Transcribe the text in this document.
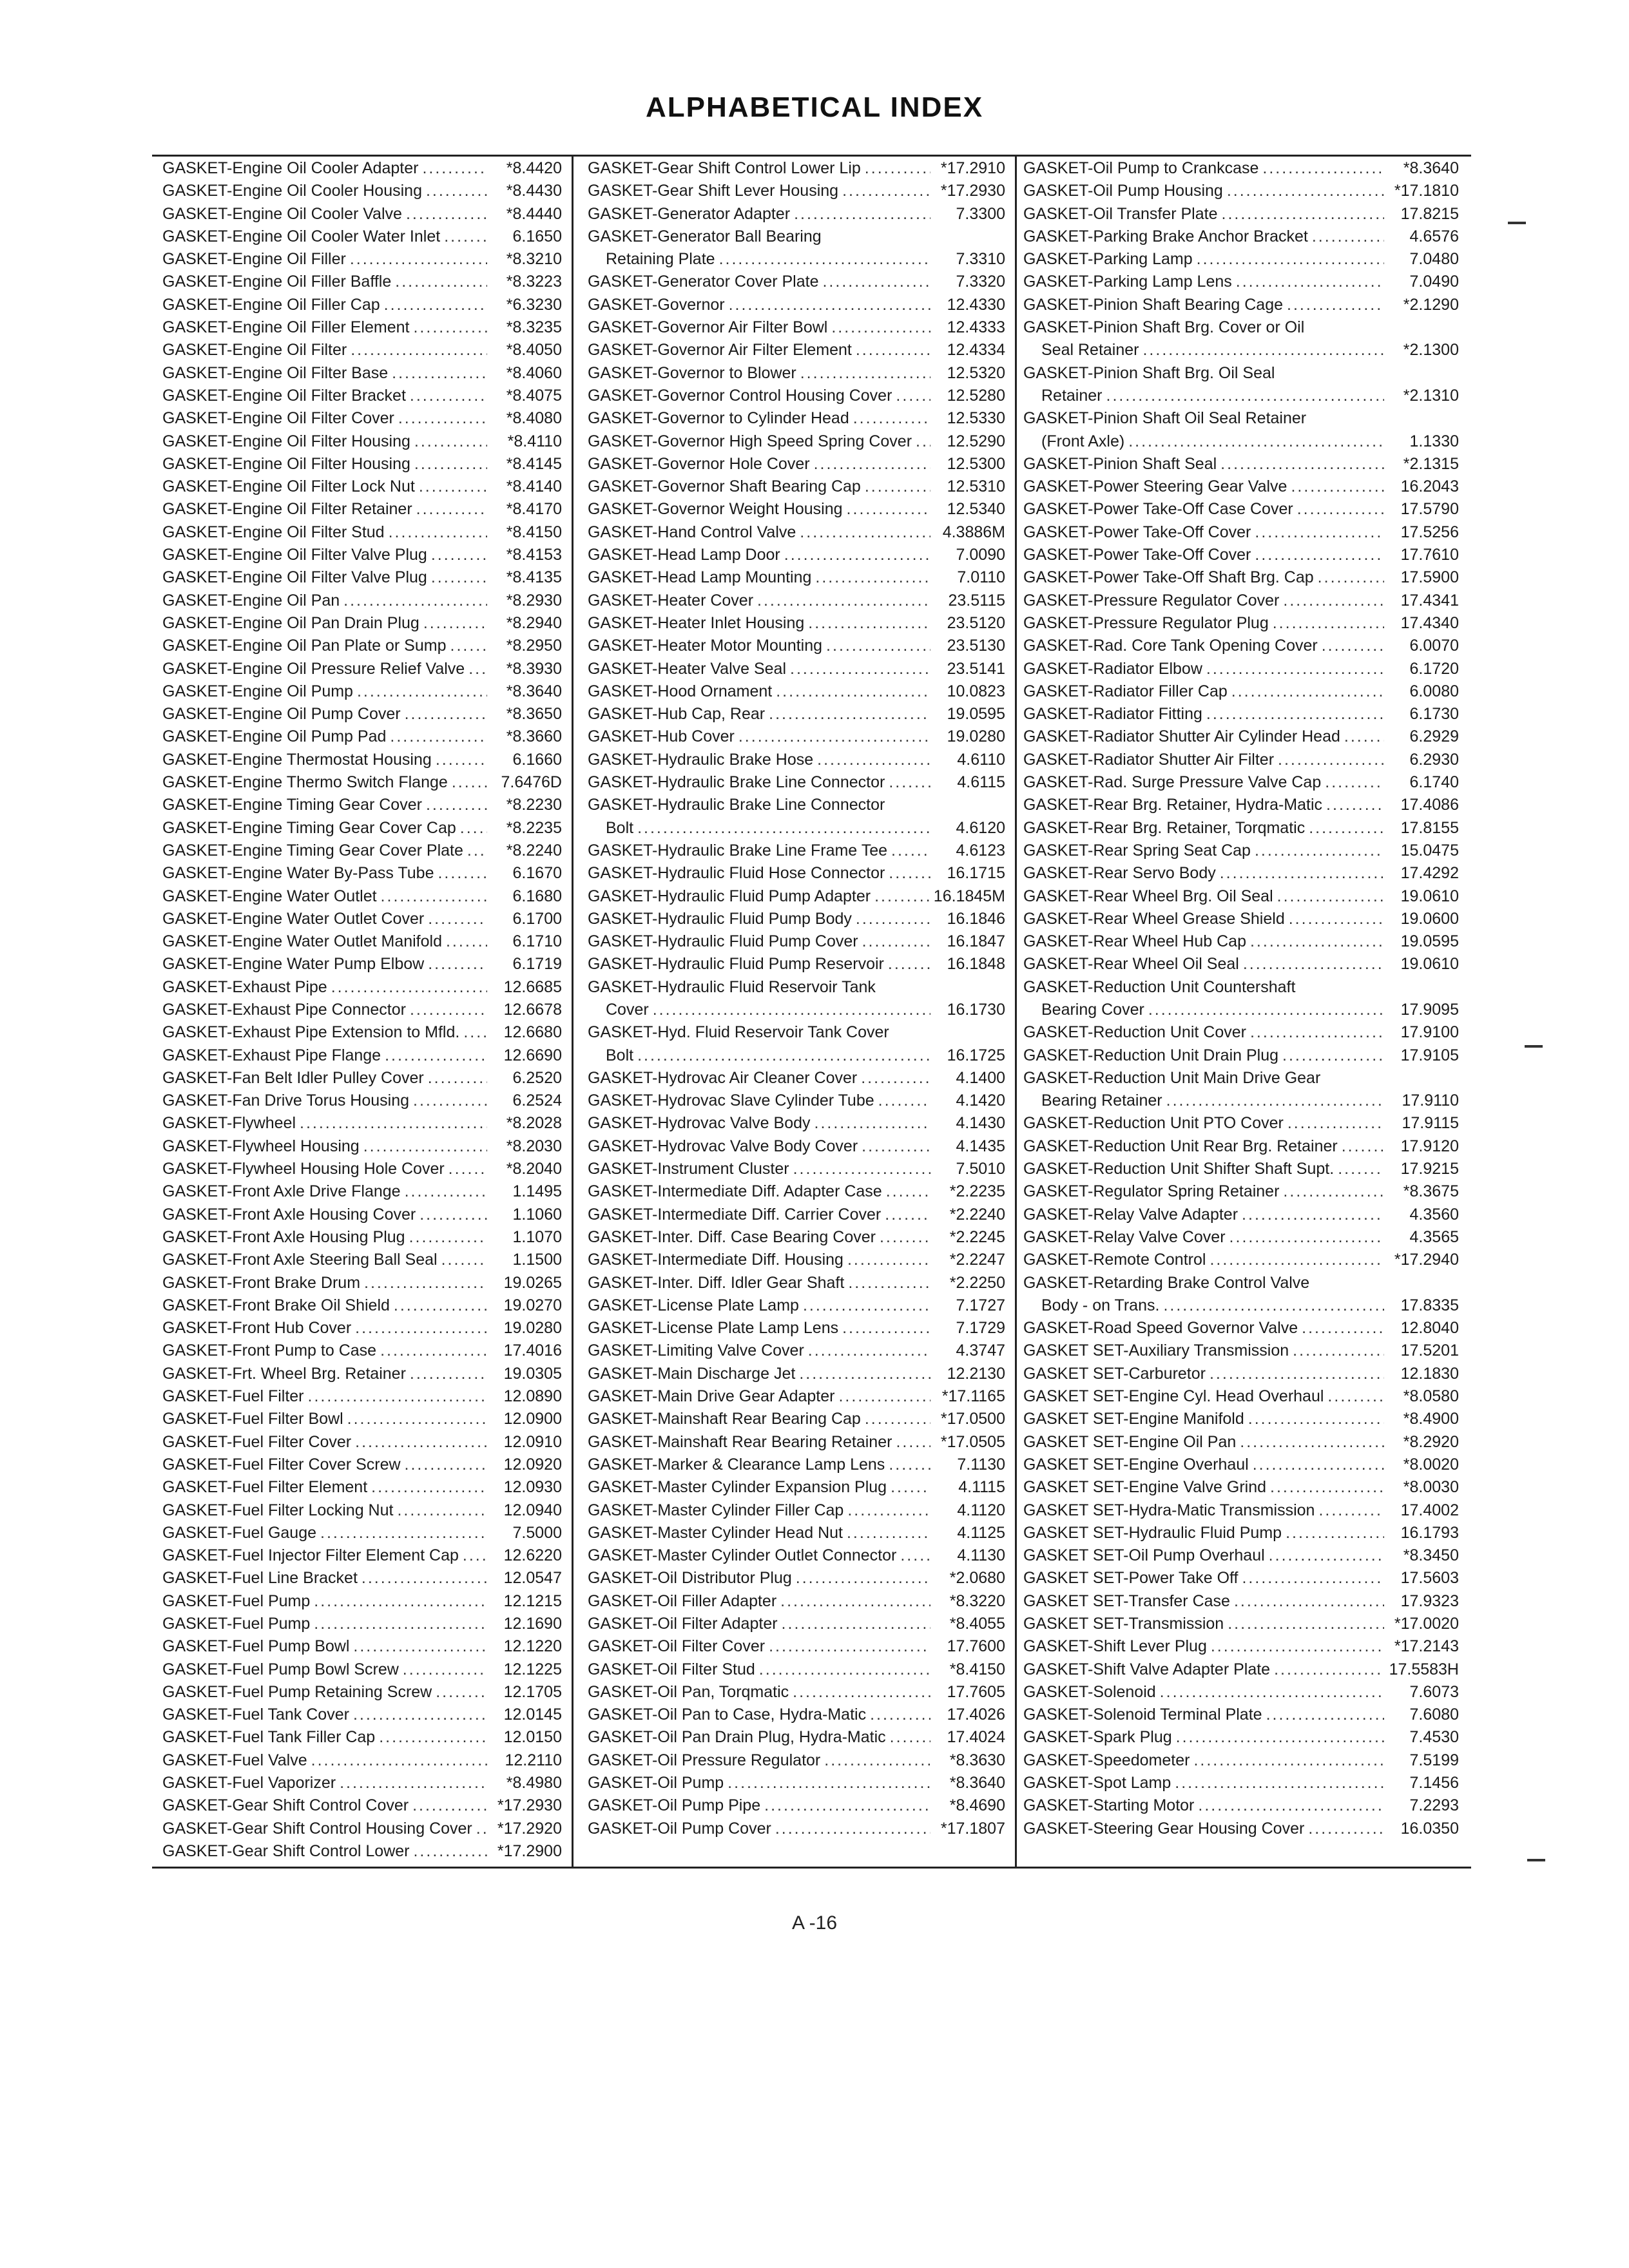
ALPHABETICAL INDEX
GASKET-Engine Oil Cooler Adapter .....	*8.4420
GASKET-Engine Oil Cooler Housing .....	*8.4430
GASKET-Engine Oil Cooler Valve .....	*8.4440
GASKET-Engine Oil Cooler Water Inlet .....	6.1650
GASKET-Engine Oil Filler .....	*8.3210
GASKET-Engine Oil Filler Baffle .....	*8.3223
GASKET-Engine Oil Filler Cap .....	*6.3230
GASKET-Engine Oil Filler Element .....	*8.3235
GASKET-Engine Oil Filter .....	*8.4050
GASKET-Engine Oil Filter Base .....	*8.4060
GASKET-Engine Oil Filter Bracket .....	*8.4075
GASKET-Engine Oil Filter Cover .....	*8.4080
GASKET-Engine Oil Filter Housing .....	*8.4110
GASKET-Engine Oil Filter Housing .....	*8.4145
GASKET-Engine Oil Filter Lock Nut .....	*8.4140
GASKET-Engine Oil Filter Retainer .....	*8.4170
GASKET-Engine Oil Filter Stud .....	*8.4150
GASKET-Engine Oil Filter Valve Plug .....	*8.4153
GASKET-Engine Oil Filter Valve Plug .....	*8.4135
GASKET-Engine Oil Pan .....	*8.2930
GASKET-Engine Oil Pan Drain Plug .....	*8.2940
GASKET-Engine Oil Pan Plate or Sump .....	*8.2950
GASKET-Engine Oil Pressure Relief Valve .....	*8.3930
GASKET-Engine Oil Pump .....	*8.3640
GASKET-Engine Oil Pump Cover .....	*8.3650
GASKET-Engine Oil Pump Pad .....	*8.3660
GASKET-Engine Thermostat Housing .....	6.1660
GASKET-Engine Thermo Switch Flange .....	7.6476D
GASKET-Engine Timing Gear Cover .....	*8.2230
GASKET-Engine Timing Gear Cover Cap .....	*8.2235
GASKET-Engine Timing Gear Cover Plate .....	*8.2240
GASKET-Engine Water By-Pass Tube .....	6.1670
GASKET-Engine Water Outlet .....	6.1680
GASKET-Engine Water Outlet Cover .....	6.1700
GASKET-Engine Water Outlet Manifold .....	6.1710
GASKET-Engine Water Pump Elbow .....	6.1719
GASKET-Exhaust Pipe .....	12.6685
GASKET-Exhaust Pipe Connector .....	12.6678
GASKET-Exhaust Pipe Extension to Mfld. .....	12.6680
GASKET-Exhaust Pipe Flange .....	12.6690
GASKET-Fan Belt Idler Pulley Cover .....	6.2520
GASKET-Fan Drive Torus Housing .....	6.2524
GASKET-Flywheel .....	*8.2028
GASKET-Flywheel Housing .....	*8.2030
GASKET-Flywheel Housing Hole Cover .....	*8.2040
GASKET-Front Axle Drive Flange .....	1.1495
GASKET-Front Axle Housing Cover .....	1.1060
GASKET-Front Axle Housing Plug .....	1.1070
GASKET-Front Axle Steering Ball Seal .....	1.1500
GASKET-Front Brake Drum .....	19.0265
GASKET-Front Brake Oil Shield .....	19.0270
GASKET-Front Hub Cover .....	19.0280
GASKET-Front Pump to Case .....	17.4016
GASKET-Frt. Wheel Brg. Retainer .....	19.0305
GASKET-Fuel Filter .....	12.0890
GASKET-Fuel Filter Bowl .....	12.0900
GASKET-Fuel Filter Cover .....	12.0910
GASKET-Fuel Filter Cover Screw .....	12.0920
GASKET-Fuel Filter Element .....	12.0930
GASKET-Fuel Filter Locking Nut .....	12.0940
GASKET-Fuel Gauge .....	7.5000
GASKET-Fuel Injector Filter Element Cap .....	12.6220
GASKET-Fuel Line Bracket .....	12.0547
GASKET-Fuel Pump .....	12.1215
GASKET-Fuel Pump .....	12.1690
GASKET-Fuel Pump Bowl .....	12.1220
GASKET-Fuel Pump Bowl Screw .....	12.1225
GASKET-Fuel Pump Retaining Screw .....	12.1705
GASKET-Fuel Tank Cover .....	12.0145
GASKET-Fuel Tank Filler Cap .....	12.0150
GASKET-Fuel Valve .....	12.2110
GASKET-Fuel Vaporizer .....	*8.4980
GASKET-Gear Shift Control Cover .....	*17.2930
GASKET-Gear Shift Control Housing Cover .....	*17.2920
GASKET-Gear Shift Control Lower .....	*17.2900
GASKET-Gear Shift Control Lower Lip .....	*17.2910
GASKET-Gear Shift Lever Housing .....	*17.2930
GASKET-Generator Adapter .....	7.3300
GASKET-Generator Ball Bearing
Retaining Plate .....	7.3310
GASKET-Generator Cover Plate .....	7.3320
GASKET-Governor .....	12.4330
GASKET-Governor Air Filter Bowl .....	12.4333
GASKET-Governor Air Filter Element .....	12.4334
GASKET-Governor to Blower .....	12.5320
GASKET-Governor Control Housing Cover .....	12.5280
GASKET-Governor to Cylinder Head .....	12.5330
GASKET-Governor High Speed Spring Cover .....	12.5290
GASKET-Governor Hole Cover .....	12.5300
GASKET-Governor Shaft Bearing Cap .....	12.5310
GASKET-Governor Weight Housing .....	12.5340
GASKET-Hand Control Valve .....	4.3886M
GASKET-Head Lamp Door .....	7.0090
GASKET-Head Lamp Mounting .....	7.0110
GASKET-Heater Cover .....	23.5115
GASKET-Heater Inlet Housing .....	23.5120
GASKET-Heater Motor Mounting .....	23.5130
GASKET-Heater Valve Seal .....	23.5141
GASKET-Hood Ornament .....	10.0823
GASKET-Hub Cap, Rear .....	19.0595
GASKET-Hub Cover .....	19.0280
GASKET-Hydraulic Brake Hose .....	4.6110
GASKET-Hydraulic Brake Line Connector .....	4.6115
GASKET-Hydraulic Brake Line Connector
Bolt .....	4.6120
GASKET-Hydraulic Brake Line Frame Tee .....	4.6123
GASKET-Hydraulic Fluid Hose Connector .....	16.1715
GASKET-Hydraulic Fluid Pump Adapter .....	16.1845M
GASKET-Hydraulic Fluid Pump Body .....	16.1846
GASKET-Hydraulic Fluid Pump Cover .....	16.1847
GASKET-Hydraulic Fluid Pump Reservoir .....	16.1848
GASKET-Hydraulic Fluid Reservoir Tank
Cover .....	16.1730
GASKET-Hyd. Fluid Reservoir Tank Cover
Bolt .....	16.1725
GASKET-Hydrovac Air Cleaner Cover .....	4.1400
GASKET-Hydrovac Slave Cylinder Tube .....	4.1420
GASKET-Hydrovac Valve Body .....	4.1430
GASKET-Hydrovac Valve Body Cover .....	4.1435
GASKET-Instrument Cluster .....	7.5010
GASKET-Intermediate Diff. Adapter Case .....	*2.2235
GASKET-Intermediate Diff. Carrier Cover .....	*2.2240
GASKET-Inter. Diff. Case Bearing Cover .....	*2.2245
GASKET-Intermediate Diff. Housing .....	*2.2247
GASKET-Inter. Diff. Idler Gear Shaft .....	*2.2250
GASKET-License Plate Lamp .....	7.1727
GASKET-License Plate Lamp Lens .....	7.1729
GASKET-Limiting Valve Cover .....	4.3747
GASKET-Main Discharge Jet .....	12.2130
GASKET-Main Drive Gear Adapter .....	*17.1165
GASKET-Mainshaft Rear Bearing Cap .....	*17.0500
GASKET-Mainshaft Rear Bearing Retainer .....	*17.0505
GASKET-Marker & Clearance Lamp Lens .....	7.1130
GASKET-Master Cylinder Expansion Plug .....	4.1115
GASKET-Master Cylinder Filler Cap .....	4.1120
GASKET-Master Cylinder Head Nut .....	4.1125
GASKET-Master Cylinder Outlet Connector .....	4.1130
GASKET-Oil Distributor Plug .....	*2.0680
GASKET-Oil Filler Adapter .....	*8.3220
GASKET-Oil Filter Adapter .....	*8.4055
GASKET-Oil Filter Cover .....	17.7600
GASKET-Oil Filter Stud .....	*8.4150
GASKET-Oil Pan, Torqmatic .....	17.7605
GASKET-Oil Pan to Case, Hydra-Matic .....	17.4026
GASKET-Oil Pan Drain Plug, Hydra-Matic .....	17.4024
GASKET-Oil Pressure Regulator .....	*8.3630
GASKET-Oil Pump .....	*8.3640
GASKET-Oil Pump Pipe .....	*8.4690
GASKET-Oil Pump Cover .....	*17.1807
GASKET-Oil Pump to Crankcase .....	*8.3640
GASKET-Oil Pump Housing .....	*17.1810
GASKET-Oil Transfer Plate .....	17.8215
GASKET-Parking Brake Anchor Bracket .....	4.6576
GASKET-Parking Lamp .....	7.0480
GASKET-Parking Lamp Lens .....	7.0490
GASKET-Pinion Shaft Bearing Cage .....	*2.1290
GASKET-Pinion Shaft Brg. Cover or Oil
Seal Retainer .....	*2.1300
GASKET-Pinion Shaft Brg. Oil Seal
Retainer .....	*2.1310
GASKET-Pinion Shaft Oil Seal Retainer
(Front Axle) .....	1.1330
GASKET-Pinion Shaft Seal .....	*2.1315
GASKET-Power Steering Gear Valve .....	16.2043
GASKET-Power Take-Off Case Cover .....	17.5790
GASKET-Power Take-Off Cover .....	17.5256
GASKET-Power Take-Off Cover .....	17.7610
GASKET-Power Take-Off Shaft Brg. Cap .....	17.5900
GASKET-Pressure Regulator Cover .....	17.4341
GASKET-Pressure Regulator Plug .....	17.4340
GASKET-Rad. Core Tank Opening Cover .....	6.0070
GASKET-Radiator Elbow .....	6.1720
GASKET-Radiator Filler Cap .....	6.0080
GASKET-Radiator Fitting .....	6.1730
GASKET-Radiator Shutter Air Cylinder Head .....	6.2929
GASKET-Radiator Shutter Air Filter .....	6.2930
GASKET-Rad. Surge Pressure Valve Cap .....	6.1740
GASKET-Rear Brg. Retainer, Hydra-Matic .....	17.4086
GASKET-Rear Brg. Retainer, Torqmatic .....	17.8155
GASKET-Rear Spring Seat Cap .....	15.0475
GASKET-Rear Servo Body .....	17.4292
GASKET-Rear Wheel Brg. Oil Seal .....	19.0610
GASKET-Rear Wheel Grease Shield .....	19.0600
GASKET-Rear Wheel Hub Cap .....	19.0595
GASKET-Rear Wheel Oil Seal .....	19.0610
GASKET-Reduction Unit Countershaft
Bearing Cover .....	17.9095
GASKET-Reduction Unit Cover .....	17.9100
GASKET-Reduction Unit Drain Plug .....	17.9105
GASKET-Reduction Unit Main Drive Gear
Bearing Retainer .....	17.9110
GASKET-Reduction Unit PTO Cover .....	17.9115
GASKET-Reduction Unit Rear Brg. Retainer .....	17.9120
GASKET-Reduction Unit Shifter Shaft Supt. .....	17.9215
GASKET-Regulator Spring Retainer .....	*8.3675
GASKET-Relay Valve Adapter .....	4.3560
GASKET-Relay Valve Cover .....	4.3565
GASKET-Remote Control .....	*17.2940
GASKET-Retarding Brake Control Valve
Body - on Trans. .....	17.8335
GASKET-Road Speed Governor Valve .....	12.8040
GASKET SET-Auxiliary Transmission .....	17.5201
GASKET SET-Carburetor .....	12.1830
GASKET SET-Engine Cyl. Head Overhaul .....	*8.0580
GASKET SET-Engine Manifold .....	*8.4900
GASKET SET-Engine Oil Pan .....	*8.2920
GASKET SET-Engine Overhaul .....	*8.0020
GASKET SET-Engine Valve Grind .....	*8.0030
GASKET SET-Hydra-Matic Transmission .....	17.4002
GASKET SET-Hydraulic Fluid Pump .....	16.1793
GASKET SET-Oil Pump Overhaul .....	*8.3450
GASKET SET-Power Take Off .....	17.5603
GASKET SET-Transfer Case .....	17.9323
GASKET SET-Transmission .....	*17.0020
GASKET-Shift Lever Plug .....	*17.2143
GASKET-Shift Valve Adapter Plate .....	17.5583H
GASKET-Solenoid .....	7.6073
GASKET-Solenoid Terminal Plate .....	7.6080
GASKET-Spark Plug .....	7.4530
GASKET-Speedometer .....	7.5199
GASKET-Spot Lamp .....	7.1456
GASKET-Starting Motor .....	7.2293
GASKET-Steering Gear Housing Cover .....	16.0350
A -16
